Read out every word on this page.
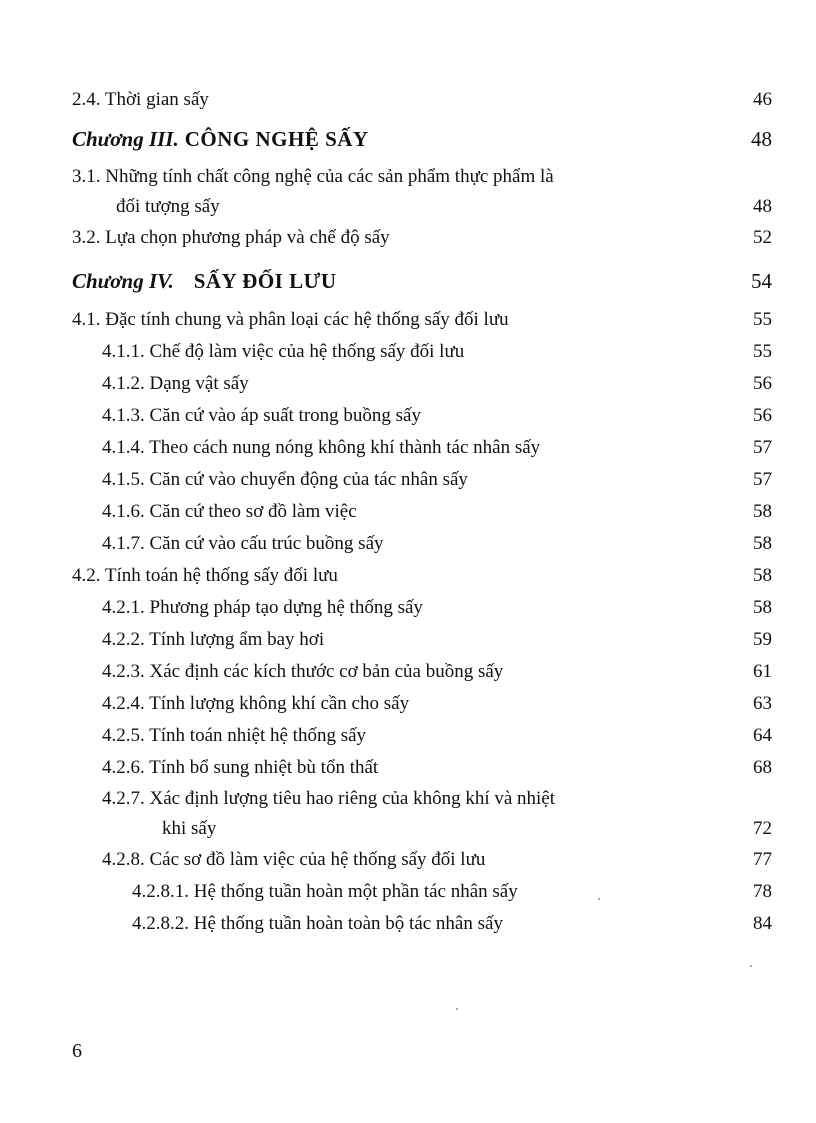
2.4. Thời gian sấy	46
Chương III. CÔNG NGHỆ SẤY	48
3.1. Những tính chất công nghệ của các sản phẩm thực phẩm là
đối tượng sấy	48
3.2. Lựa chọn phương pháp và chế độ sấy	52
Chương IV. SẤY ĐỐI LƯU	54
4.1. Đặc tính chung và phân loại các hệ thống sấy đối lưu	55
4.1.1. Chế độ làm việc của hệ thống sấy đối lưu	55
4.1.2. Dạng vật sấy	56
4.1.3. Căn cứ vào áp suất trong buồng sấy	56
4.1.4. Theo cách nung nóng không khí thành tác nhân sấy	57
4.1.5. Căn cứ vào chuyển động của tác nhân sấy	57
4.1.6. Căn cứ theo sơ đồ làm việc	58
4.1.7. Căn cứ vào cấu trúc buồng sấy	58
4.2. Tính toán hệ thống sấy đối lưu	58
4.2.1. Phương pháp tạo dựng hệ thống sấy	58
4.2.2. Tính lượng ẩm bay hơi	59
4.2.3. Xác định các kích thước cơ bản của buồng sấy	61
4.2.4. Tính lượng không khí cần cho sấy	63
4.2.5. Tính toán nhiệt hệ thống sấy	64
4.2.6. Tính bổ sung nhiệt bù tổn thất	68
4.2.7. Xác định lượng tiêu hao riêng của không khí và nhiệt
khi sấy	72
4.2.8. Các sơ đồ làm việc của hệ thống sấy đối lưu	77
4.2.8.1. Hệ thống tuần hoàn một phần tác nhân sấy	78
4.2.8.2. Hệ thống tuần hoàn toàn bộ tác nhân sấy	84
6
